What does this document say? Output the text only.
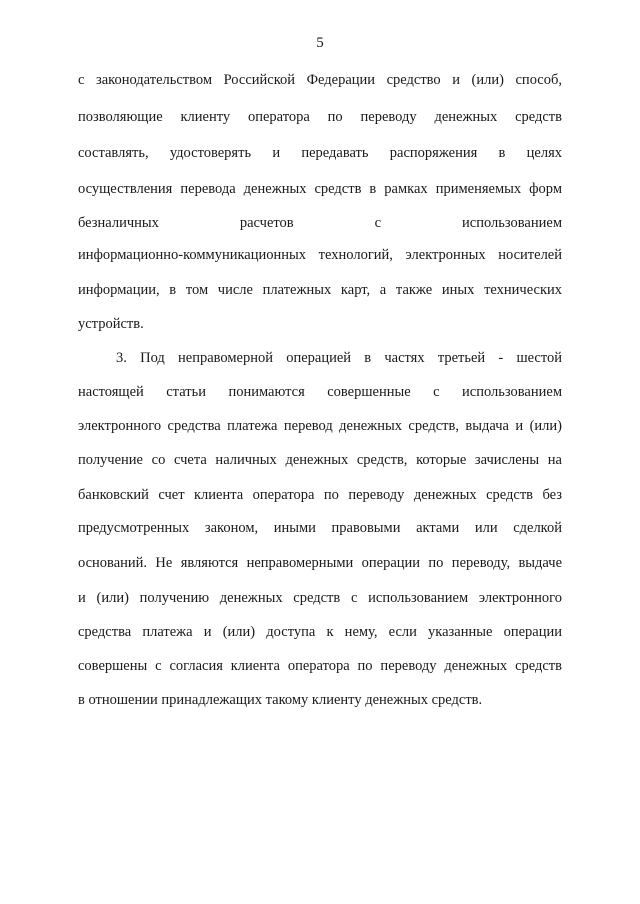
5
с законодательством Российской Федерации средство и (или) способ,
позволяющие клиенту оператора по переводу денежных средств
составлять, удостоверять и передавать распоряжения в целях
осуществления перевода денежных средств в рамках применяемых форм
безналичных расчетов с использованием
информационно-коммуникационных технологий, электронных носителей
информации, в том числе платежных карт, а также иных технических
устройств.
3. Под неправомерной операцией в частях третьей - шестой
настоящей статьи понимаются совершенные с использованием
электронного средства платежа перевод денежных средств, выдача и (или)
получение со счета наличных денежных средств, которые зачислены на
банковский счет клиента оператора по переводу денежных средств без
предусмотренных законом, иными правовыми актами или сделкой
оснований. Не являются неправомерными операции по переводу, выдаче
и (или) получению денежных средств с использованием электронного
средства платежа и (или) доступа к нему, если указанные операции
совершены с согласия клиента оператора по переводу денежных средств
в отношении принадлежащих такому клиенту денежных средств.
